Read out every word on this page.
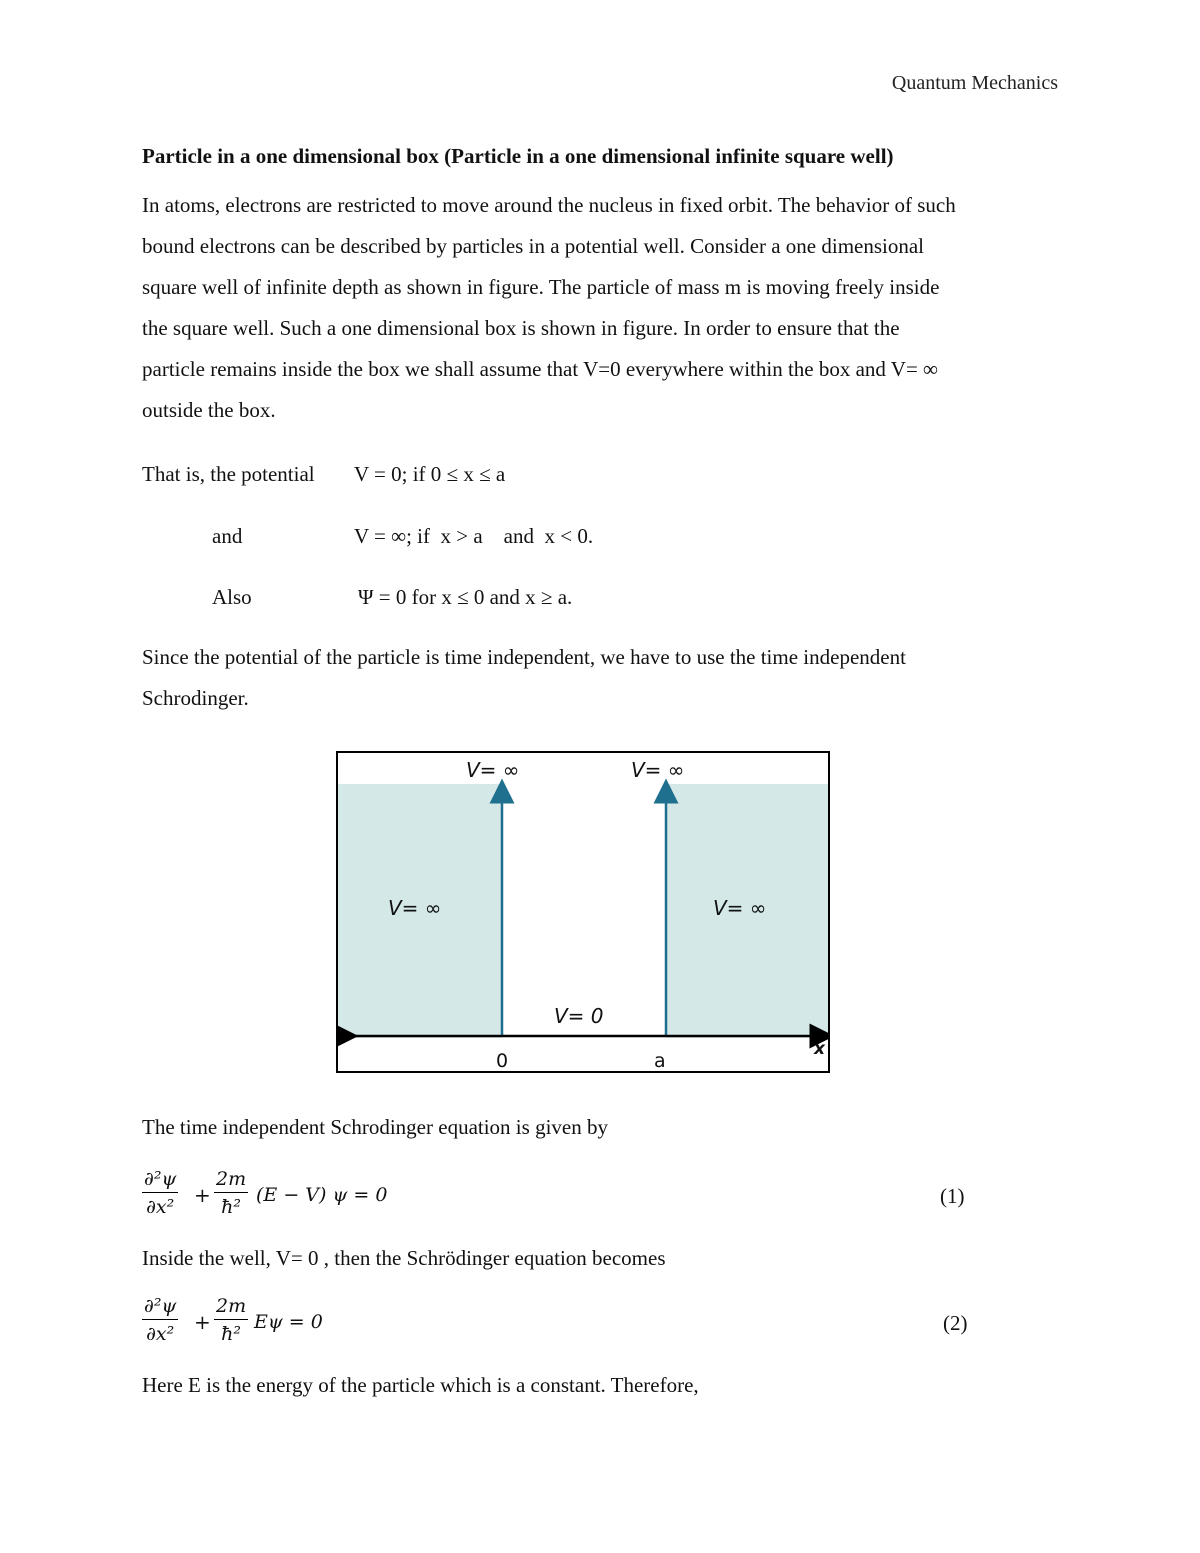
Quantum Mechanics
Particle in a one dimensional box (Particle in a one dimensional infinite square well)
In atoms, electrons are restricted to move around the nucleus in fixed orbit. The behavior of such
bound electrons can be described by particles in a potential well. Consider a one dimensional
square well of infinite depth as shown in figure. The particle of mass m is moving freely inside
the square well. Such a one dimensional box is shown in figure. In order to ensure that the
particle remains inside the box we shall assume that V=0 everywhere within the box and V= ∞
outside the box.
That is, the potential V = 0; if 0 ≤ x ≤ a
and	V = ∞; if  x > a    and  x < 0.
Also	Ψ = 0 for x ≤ 0 and x ≥ a.
Since the potential of the particle is time independent, we have to use the time independent
Schrodinger.
V= ∞	V= ∞
V= ∞	V= ∞
V= 0
0	a
x
The time independent Schrodinger equation is given by
$\frac{\text{∂²ψ}}{\text{∂x²}} + \frac{2m}{\text{ħ²}} (E - V) \psi = 0$	(1)
Inside the well, V= 0 , then the Schrödinger equation becomes
$\frac{\text{∂²ψ}}{\text{∂x²}} + \frac{2m}{\text{ħ²}}$ Eψ = 0	(2)
Here E is the energy of the particle which is a constant. Therefore,
